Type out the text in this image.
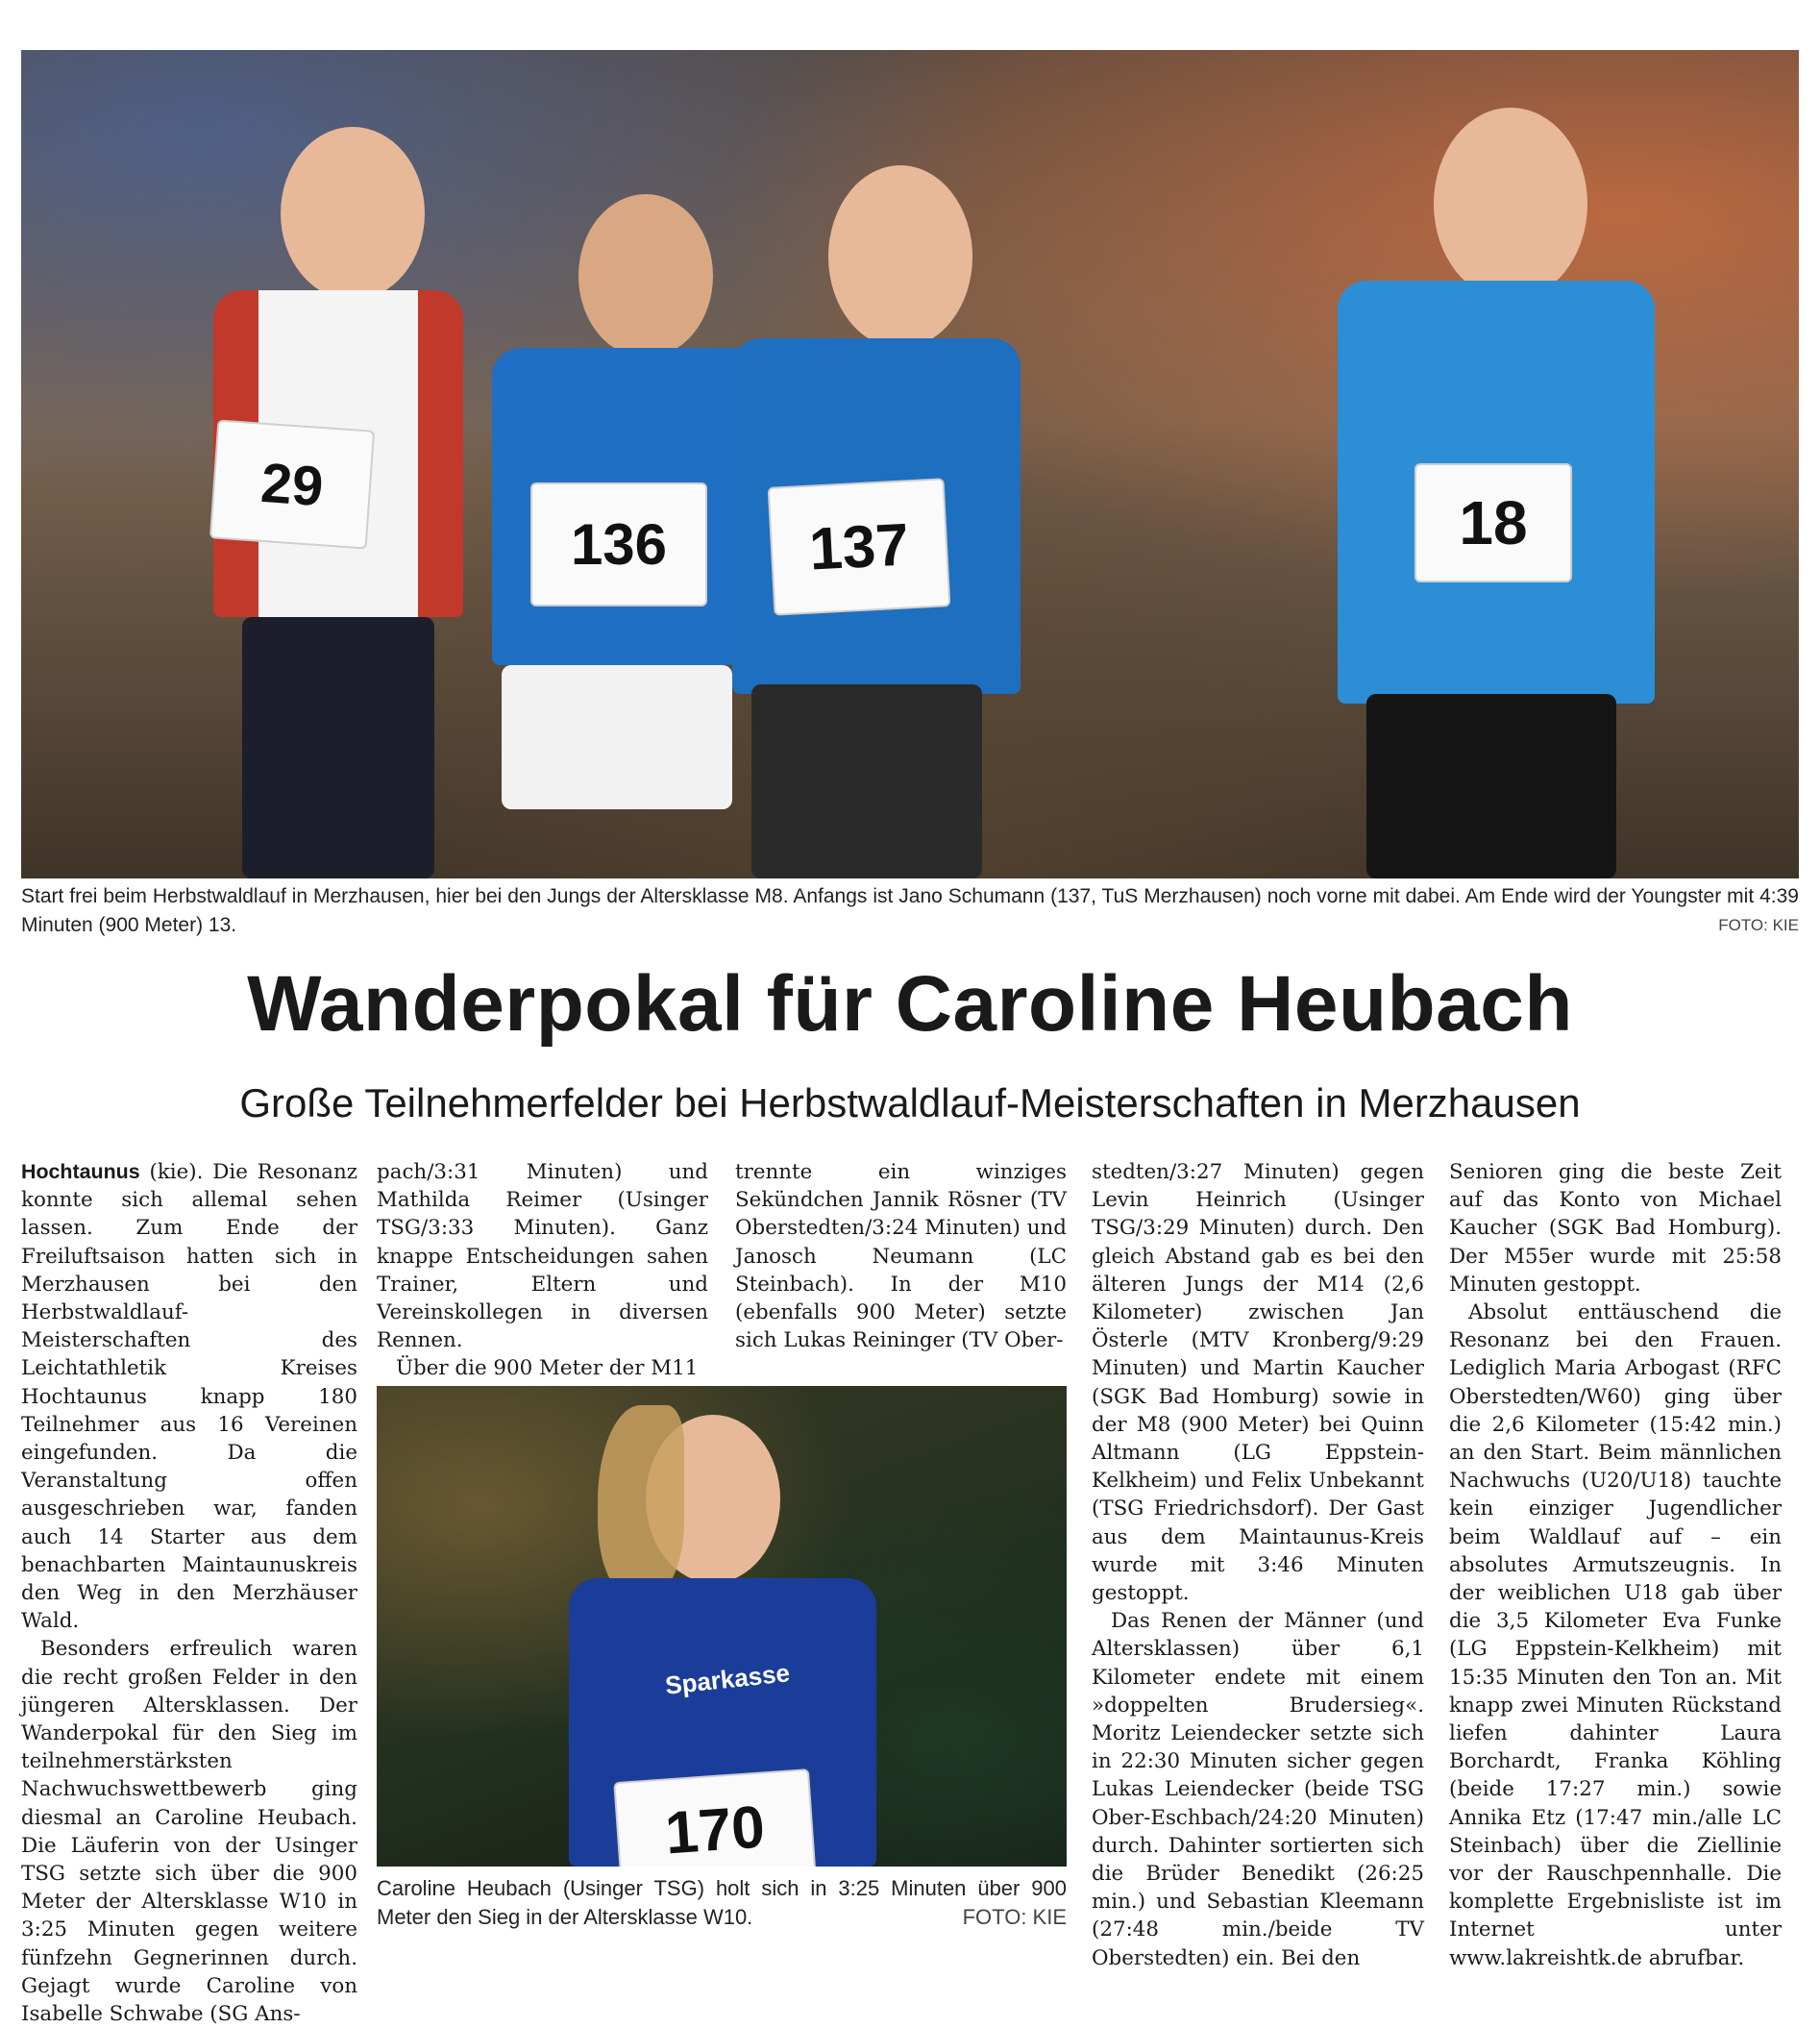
29
136	137	18
Start frei beim Herbstwaldlauf in Merzhausen, hier bei den Jungs der Altersklasse M8. Anfangs ist Jano Schumann (137, TuS Merzhausen) noch vorne mit dabei. Am Ende wird der Youngster mit 4:39 Minuten (900 Meter) 13.	FOTO: KIE
Wanderpokal für Caroline Heubach
Große Teilnehmerfelder bei Herbstwaldlauf-Meisterschaften in Merzhausen

Hochtaunus (kie). Die Resonanz konnte sich allemal sehen lassen. Zum Ende der Freiluftsaison hatten sich in Merzhausen bei den Herbstwaldlauf-Meisterschaften des Leichtathletik Kreises Hochtaunus knapp 180 Teilnehmer aus 16 Vereinen eingefunden. Da die Veranstaltung offen ausgeschrieben war, fanden auch 14 Starter aus dem benachbarten Maintaunuskreis den Weg in den Merzhäuser Wald.

Besonders erfreulich waren die recht großen Felder in den jüngeren Altersklassen. Der Wanderpokal für den Sieg im teilnehmerstärksten Nachwuchswettbewerb ging diesmal an Caroline Heubach. Die Läuferin von der Usinger TSG setzte sich über die 900 Meter der Altersklasse W10 in 3:25 Minuten gegen weitere fünfzehn Gegnerinnen durch. Gejagt wurde Caroline von Isabelle Schwabe (SG Ans-

pach/3:31 Minuten) und Mathilda Reimer (Usinger TSG/3:33 Minuten). Ganz knappe Entscheidungen sahen Trainer, Eltern und Vereinskollegen in diversen Rennen.

Über die 900 Meter der M11

trennte ein winziges Sekündchen Jannik Rösner (TV Oberstedten/3:24 Minuten) und Janosch Neumann (LC Steinbach). In der M10 (ebenfalls 900 Meter) setzte sich Lukas Reininger (TV Ober-

Sparkasse
170
Caroline Heubach (Usinger TSG) holt sich in 3:25 Minuten über 900 Meter den Sieg in der Altersklasse W10.	FOTO: KIE

stedten/3:27 Minuten) gegen Levin Heinrich (Usinger TSG/3:29 Minuten) durch. Den gleich Abstand gab es bei den älteren Jungs der M14 (2,6 Kilometer) zwischen Jan Österle (MTV Kronberg/9:29 Minuten) und Martin Kaucher (SGK Bad Homburg) sowie in der M8 (900 Meter) bei Quinn Altmann (LG Eppstein-Kelkheim) und Felix Unbekannt (TSG Friedrichsdorf). Der Gast aus dem Maintaunus-Kreis wurde mit 3:46 Minuten gestoppt.

Das Renen der Männer (und Altersklassen) über 6,1 Kilometer endete mit einem »doppelten Brudersieg«. Moritz Leiendecker setzte sich in 22:30 Minuten sicher gegen Lukas Leiendecker (beide TSG Ober-Eschbach/24:20 Minuten) durch. Dahinter sortierten sich die Brüder Benedikt (26:25 min.) und Sebastian Kleemann (27:48 min./beide TV Oberstedten) ein. Bei den

Senioren ging die beste Zeit auf das Konto von Michael Kaucher (SGK Bad Homburg). Der M55er wurde mit 25:58 Minuten gestoppt.

Absolut enttäuschend die Resonanz bei den Frauen. Lediglich Maria Arbogast (RFC Oberstedten/W60) ging über die 2,6 Kilometer (15:42 min.) an den Start. Beim männlichen Nachwuchs (U20/U18) tauchte kein einziger Jugendlicher beim Waldlauf auf – ein absolutes Armutszeugnis. In der weiblichen U18 gab über die 3,5 Kilometer Eva Funke (LG Eppstein-Kelkheim) mit 15:35 Minuten den Ton an. Mit knapp zwei Minuten Rückstand liefen dahinter Laura Borchardt, Franka Köhling (beide 17:27 min.) sowie Annika Etz (17:47 min./alle LC Steinbach) über die Ziellinie vor der Rauschpennhalle. Die komplette Ergebnisliste ist im Internet unter www.lakreishtk.de abrufbar.
